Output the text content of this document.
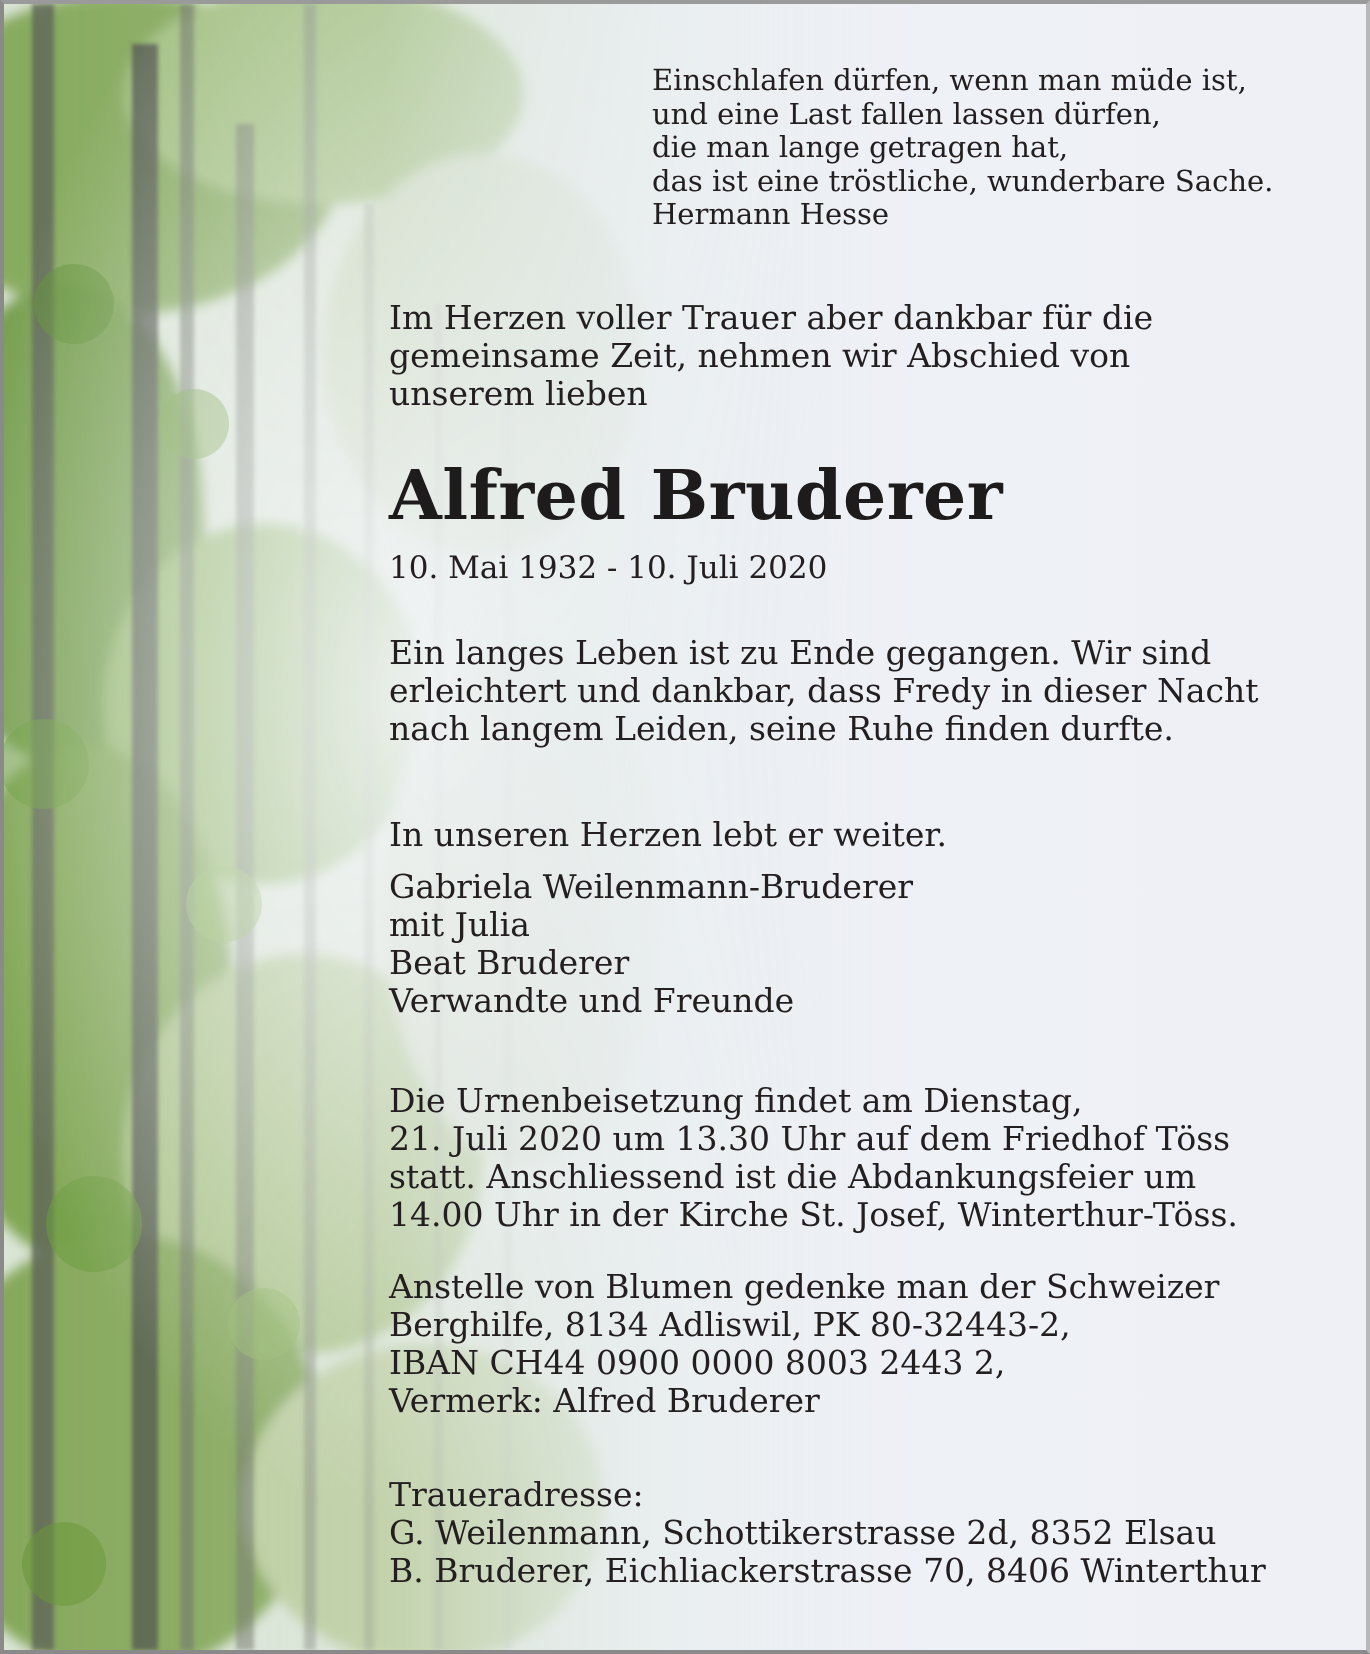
Einschlafen dürfen, wenn man müde ist,
und eine Last fallen lassen dürfen,
die man lange getragen hat,
das ist eine tröstliche, wunderbare Sache.
Hermann Hesse

Im Herzen voller Trauer aber dankbar für die
gemeinsame Zeit, nehmen wir Abschied von
unserem lieben

Alfred Bruderer

10. Mai 1932 - 10. Juli 2020

Ein langes Leben ist zu Ende gegangen. Wir sind
erleichtert und dankbar, dass Fredy in dieser Nacht
nach langem Leiden, seine Ruhe finden durfte.

In unseren Herzen lebt er weiter.

Gabriela Weilenmann-Bruderer
mit Julia
Beat Bruderer
Verwandte und Freunde

Die Urnenbeisetzung findet am Dienstag,
21. Juli 2020 um 13.30 Uhr auf dem Friedhof Töss
statt. Anschliessend ist die Abdankungsfeier um
14.00 Uhr in der Kirche St. Josef, Winterthur-Töss.

Anstelle von Blumen gedenke man der Schweizer
Berghilfe, 8134 Adliswil, PK 80-32443-2,
IBAN CH44 0900 0000 8003 2443 2,
Vermerk: Alfred Bruderer

Traueradresse:
G. Weilenmann, Schottikerstrasse 2d, 8352 Elsau
B. Bruderer, Eichliackerstrasse 70, 8406 Winterthur
